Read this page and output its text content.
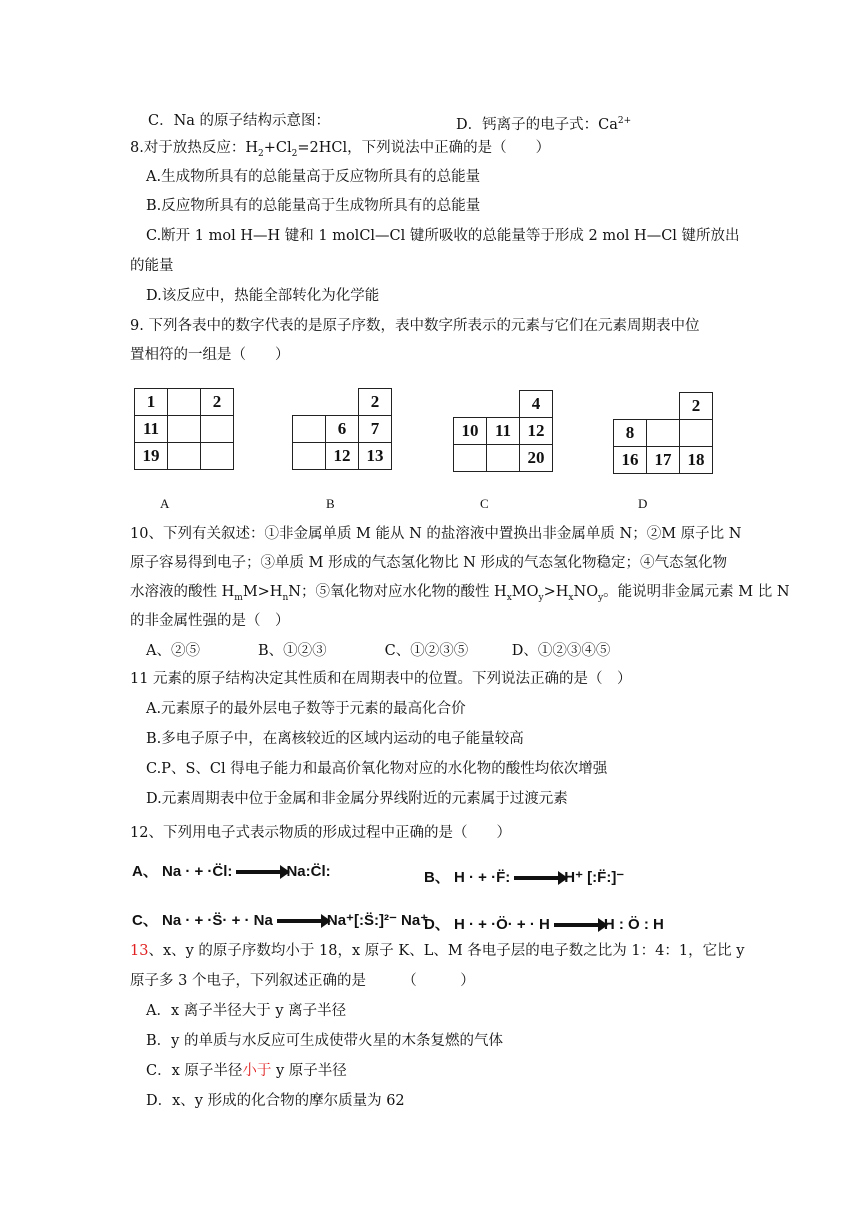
C．Na 的原子结构示意图：	D．钙离子的电子式：$Ca^{2+}$
8.对于放热反应：$H_2+Cl_2=2HCl$，下列说法中正确的是（　　）
A.生成物所具有的总能量高于反应物所具有的总能量
B.反应物所具有的总能量高于生成物所具有的总能量
C.断开 1 mol H—H 键和 1 molCl—Cl 键所吸收的总能量等于形成 2 mol H—Cl 键所放出
的能量
D.该反应中，热能全部转化为化学能
9. 下列各表中的数字代表的是原子序数，表中数字所表示的元素与它们在元素周期表中位
置相符的一组是（　　）
1		2
11		
19		
A
		2
	6	7
	12	13
B
		4
10	11	12
		20
C
		2
8		
16	17	18
D
10、下列有关叙述：①非金属单质 M 能从 N 的盐溶液中置换出非金属单质 N；②M 原子比 N
原子容易得到电子；③单质 M 形成的气态氢化物比 N 形成的气态氢化物稳定；④气态氢化物
水溶液的酸性 $H_mM>H_nN$；⑤氧化物对应水化物的酸性 $H_xMO_y>H_xNO_y$。能说明非金属元素 M 比 N
的非金属性强的是（　）
A、②⑤　　　　B、①②③　　　　C、①②③⑤　　　D、①②③④⑤
11 元素的原子结构决定其性质和在周期表中的位置。下列说法正确的是（　）
A.元素原子的最外层电子数等于元素的最高化合价
B.多电子原子中，在离核较近的区域内运动的电子能量较高
C.P、S、Cl 得电子能力和最高价氧化物对应的水化物的酸性均依次增强
D.元素周期表中位于金属和非金属分界线附近的元素属于过渡元素
12、下列用电子式表示物质的形成过程中正确的是（　　）
A、 Na · + ·C̈l:	Na:C̈l:	B、 H · + ·F̈:	H⁺ [:F̈:]⁻
C、 Na · + ·S̈· + · Na	Na⁺[:S̈:]²⁻ Na⁺
D、 H · + ·Ö· + · H	H : Ö : H
13、x、y 的原子序数均小于 18，x 原子 K、L、M 各电子层的电子数之比为 1：4：1，它比 y
原子多 3 个电子，下列叙述正确的是　　　（　　　）
A．x 离子半径大于 y 离子半径
B．y 的单质与水反应可生成使带火星的木条复燃的气体
C．x 原子半径小于 y 原子半径
D．x、y 形成的化合物的摩尔质量为 62
